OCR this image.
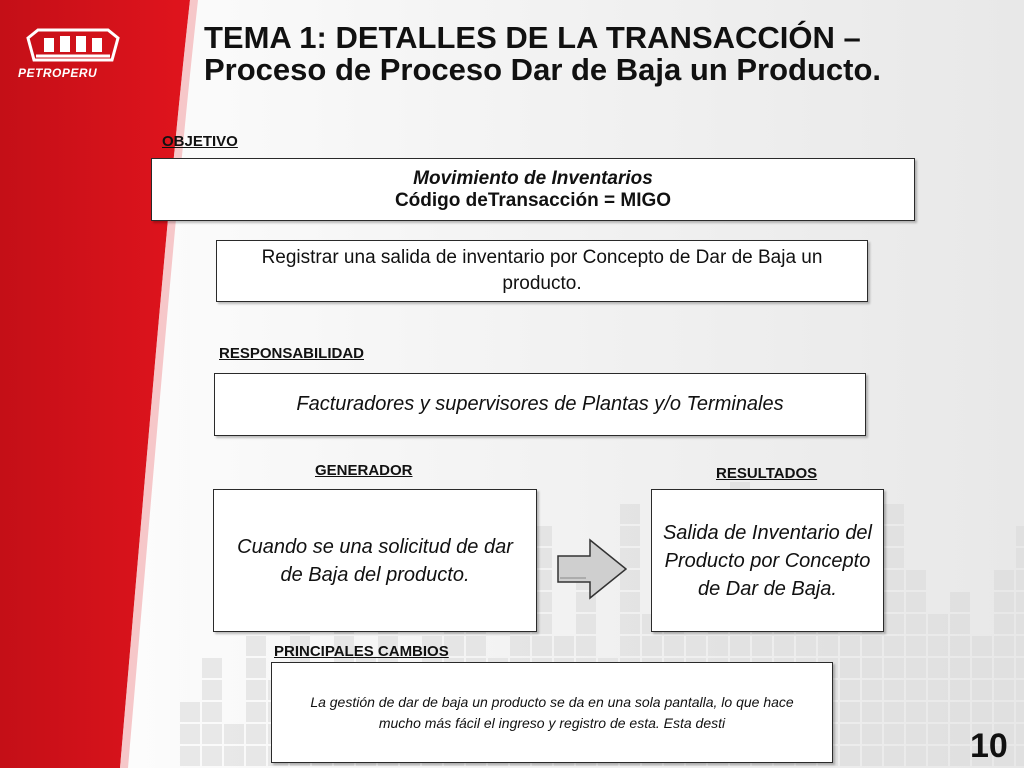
PETROPERU
TEMA 1: DETALLES DE LA TRANSACCIÓN – Proceso de Proceso Dar de Baja un Producto.
OBJETIVO
Movimiento de Inventarios
Código deTransacción = MIGO
Registrar una salida de inventario por Concepto de Dar de Baja un producto.
RESPONSABILIDAD
Facturadores y supervisores de Plantas y/o Terminales
GENERADOR	RESULTADOS
Cuando se una solicitud de dar de Baja del producto.
Salida de Inventario del Producto por Concepto de Dar de Baja.
PRINCIPALES CAMBIOS
La gestión de dar de baja un producto se da en una sola pantalla, lo que hace mucho más fácil el ingreso y registro de esta. Esta desti
10
